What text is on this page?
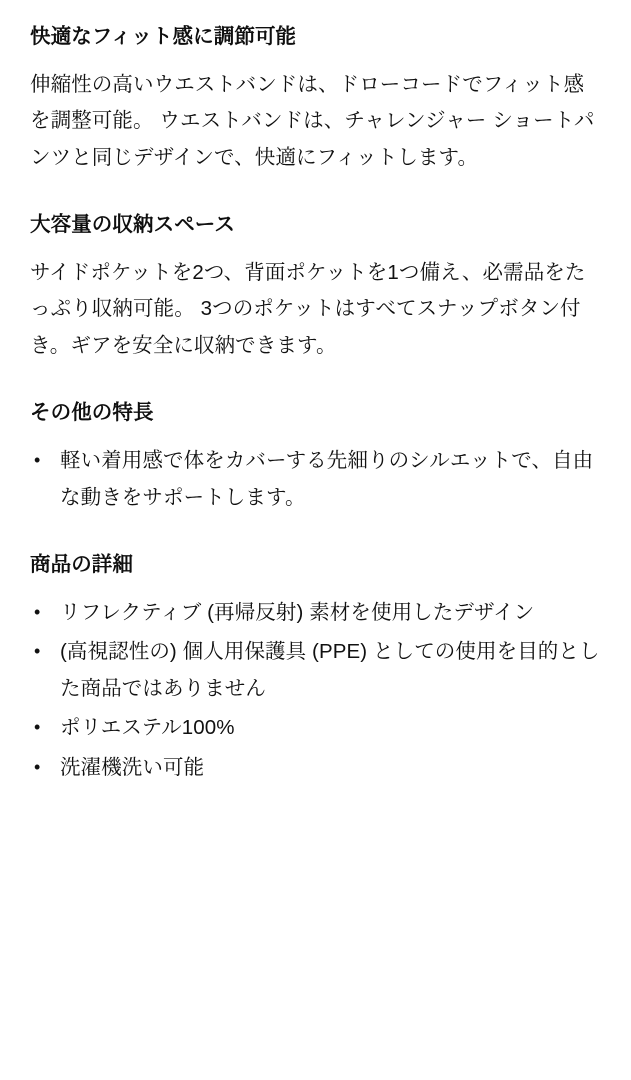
快適なフィット感に調節可能

伸縮性の高いウエストバンドは、ドローコードでフィット感を調整可能。 ウエストバンドは、チャレンジャー ショートパンツと同じデザインで、快適にフィットします。

大容量の収納スペース

サイドポケットを2つ、背面ポケットを1つ備え、必需品をたっぷり収納可能。 3つのポケットはすべてスナップボタン付き。ギアを安全に収納できます。

その他の特長
• 軽い着用感で体をカバーする先細りのシルエットで、自由な動きをサポートします。
商品の詳細
• リフレクティブ (再帰反射) 素材を使用したデザイン
• (高視認性の) 個人用保護具 (PPE) としての使用を目的とした商品ではありません
• ポリエステル100%
• 洗濯機洗い可能
